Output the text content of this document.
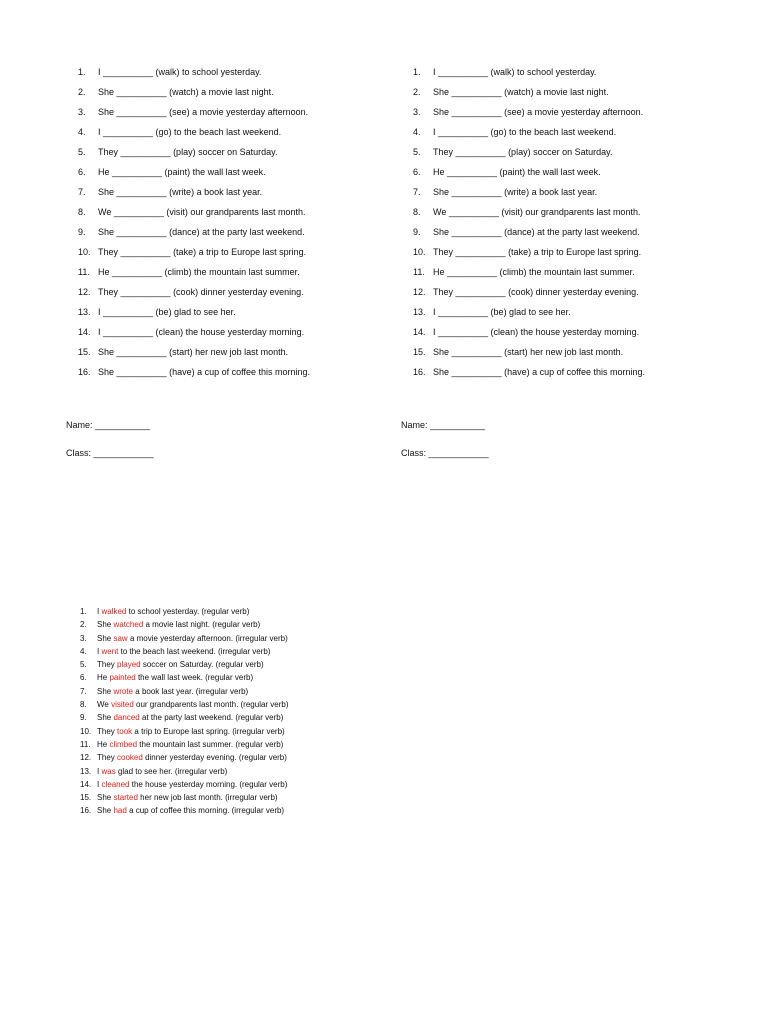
1.	I __________ (walk) to school yesterday.
2.	She __________ (watch) a movie last night.
3.	She __________ (see) a movie yesterday afternoon.
4.	I __________ (go) to the beach last weekend.
5.	They __________ (play) soccer on Saturday.
6.	He __________ (paint) the wall last week.
7.	She __________ (write) a book last year.
8.	We __________ (visit) our grandparents last month.
9.	She __________ (dance) at the party last weekend.
10. They __________ (take) a trip to Europe last spring.
11. He __________ (climb) the mountain last summer.
12. They __________ (cook) dinner yesterday evening.
13. I __________ (be) glad to see her.
14. I __________ (clean) the house yesterday morning.
15. She __________ (start) her new job last month.
16. She __________ (have) a cup of coffee this morning.
1.	I __________ (walk) to school yesterday.
2.	She __________ (watch) a movie last night.
3.	She __________ (see) a movie yesterday afternoon.
4.	I __________ (go) to the beach last weekend.
5.	They __________ (play) soccer on Saturday.
6.	He __________ (paint) the wall last week.
7.	She __________ (write) a book last year.
8.	We __________ (visit) our grandparents last month.
9.	She __________ (dance) at the party last weekend.
10. They __________ (take) a trip to Europe last spring.
11. He __________ (climb) the mountain last summer.
12. They __________ (cook) dinner yesterday evening.
13. I __________ (be) glad to see her.
14. I __________ (clean) the house yesterday morning.
15. She __________ (start) her new job last month.
16. She __________ (have) a cup of coffee this morning.
Name: ___________
Class: ____________
Name: ___________
Class: ____________
1.	I
walked
to school yesterday. (regular verb)
2.	She
watched
a movie last night. (regular verb)
3.	She
saw
a movie yesterday afternoon. (irregular verb)
4.	I
went
to the beach last weekend. (irregular verb)
5.	They
played
soccer on Saturday. (regular verb)
6.	He
painted
the wall last week. (regular verb)
7.	She
wrote
a book last year. (irregular verb)
8.	We
visited
our grandparents last month. (regular verb)
9.	She
danced
at the party last weekend. (regular verb)
10. They
took
a trip to Europe last spring. (irregular verb)
11. He
climbed
the mountain last summer. (regular verb)
12. They
cooked
dinner yesterday evening. (regular verb)
13. I
was
glad to see her. (irregular verb)
14. I
cleaned
the house yesterday morning. (regular verb)
15. She
started
her new job last month. (irregular verb)
16. She
had
a cup of coffee this morning. (irregular verb)
